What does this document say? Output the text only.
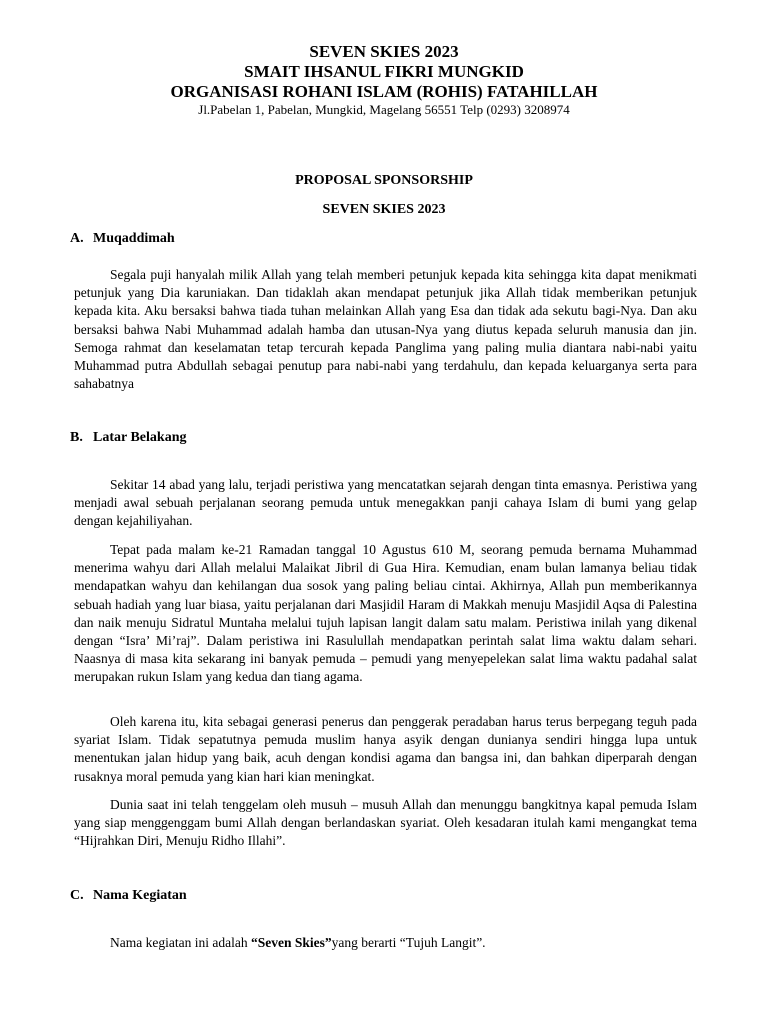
SEVEN SKIES 2023
SMAIT IHSANUL FIKRI MUNGKID
ORGANISASI ROHANI ISLAM (ROHIS) FATAHILLAH
Jl.Pabelan 1, Pabelan, Mungkid, Magelang 56551 Telp (0293) 3208974
PROPOSAL SPONSORSHIP
SEVEN SKIES 2023
A. Muqaddimah

Segala puji hanyalah milik Allah yang telah memberi petunjuk kepada kita sehingga kita dapat menikmati petunjuk yang Dia karuniakan. Dan tidaklah akan mendapat petunjuk jika Allah tidak memberikan petunjuk kepada kita. Aku bersaksi bahwa tiada tuhan melainkan Allah yang Esa dan tidak ada sekutu bagi-Nya. Dan aku bersaksi bahwa Nabi Muhammad adalah hamba dan utusan-Nya yang diutus kepada seluruh manusia dan jin. Semoga rahmat dan keselamatan tetap tercurah kepada Panglima yang paling mulia diantara nabi-nabi yaitu Muhammad putra Abdullah sebagai penutup para nabi-nabi yang terdahulu, dan kepada keluarganya serta para sahabatnya

B. Latar Belakang

Sekitar 14 abad yang lalu, terjadi peristiwa yang mencatatkan sejarah dengan tinta emasnya. Peristiwa yang menjadi awal sebuah perjalanan seorang pemuda untuk menegakkan panji cahaya Islam di bumi yang gelap dengan kejahiliyahan.

Tepat pada malam ke-21 Ramadan tanggal 10 Agustus 610 M, seorang pemuda bernama Muhammad menerima wahyu dari Allah melalui Malaikat Jibril di Gua Hira. Kemudian, enam bulan lamanya beliau tidak mendapatkan wahyu dan kehilangan dua sosok yang paling beliau cintai. Akhirnya, Allah pun memberikannya sebuah hadiah yang luar biasa, yaitu perjalanan dari Masjidil Haram di Makkah menuju Masjidil Aqsa di Palestina dan naik menuju Sidratul Muntaha melalui tujuh lapisan langit dalam satu malam. Peristiwa inilah yang dikenal dengan “Isra’ Mi’raj”. Dalam peristiwa ini Rasulullah mendapatkan perintah salat lima waktu dalam sehari. Naasnya di masa kita sekarang ini banyak pemuda – pemudi yang menyepelekan salat lima waktu padahal salat merupakan rukun Islam yang kedua dan tiang agama.

Oleh karena itu, kita sebagai generasi penerus dan penggerak peradaban harus terus berpegang teguh pada syariat Islam. Tidak sepatutnya pemuda muslim hanya asyik dengan dunianya sendiri hingga lupa untuk menentukan jalan hidup yang baik, acuh dengan kondisi agama dan bangsa ini, dan bahkan diperparah dengan rusaknya moral pemuda yang kian hari kian meningkat.

Dunia saat ini telah tenggelam oleh musuh – musuh Allah dan menunggu bangkitnya kapal pemuda Islam yang siap menggenggam bumi Allah dengan berlandaskan syariat. Oleh kesadaran itulah kami mengangkat tema “Hijrahkan Diri, Menuju Ridho Illahi”.

C. Nama Kegiatan

Nama kegiatan ini adalah “Seven Skies”yang berarti “Tujuh Langit”.
